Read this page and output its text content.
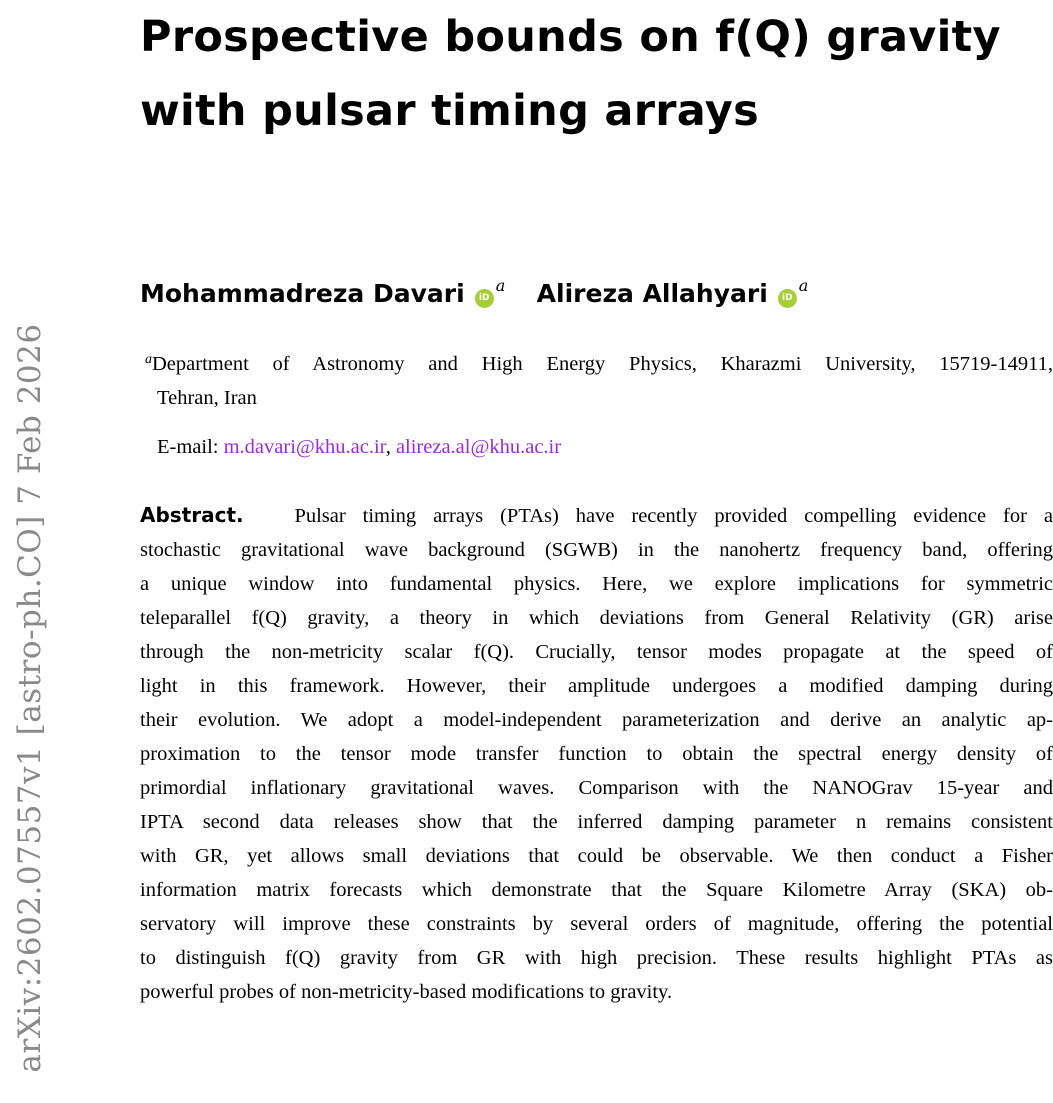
arXiv:2602.07557v1 [astro-ph.CO] 7 Feb 2026
Prospective bounds on f(Q) gravity
with pulsar timing arrays
Mohammadreza Davari iD$^a$ Alireza Allahyari iD$^a$
$^a$Department of Astronomy and High Energy Physics, Kharazmi University, 15719-14911,
Tehran, Iran
E-mail: m.davari@khu.ac.ir, alireza.al@khu.ac.ir
Abstract. Pulsar timing arrays (PTAs) have recently provided compelling evidence for a
stochastic gravitational wave background (SGWB) in the nanohertz frequency band, offering
a unique window into fundamental physics. Here, we explore implications for symmetric
teleparallel f(Q) gravity, a theory in which deviations from General Relativity (GR) arise
through the non-metricity scalar f(Q). Crucially, tensor modes propagate at the speed of
light in this framework. However, their amplitude undergoes a modified damping during
their evolution. We adopt a model-independent parameterization and derive an analytic ap-
proximation to the tensor mode transfer function to obtain the spectral energy density of
primordial inflationary gravitational waves. Comparison with the NANOGrav 15-year and
IPTA second data releases show that the inferred damping parameter n remains consistent
with GR, yet allows small deviations that could be observable. We then conduct a Fisher
information matrix forecasts which demonstrate that the Square Kilometre Array (SKA) ob-
servatory will improve these constraints by several orders of magnitude, offering the potential
to distinguish f(Q) gravity from GR with high precision. These results highlight PTAs as
powerful probes of non-metricity-based modifications to gravity.
